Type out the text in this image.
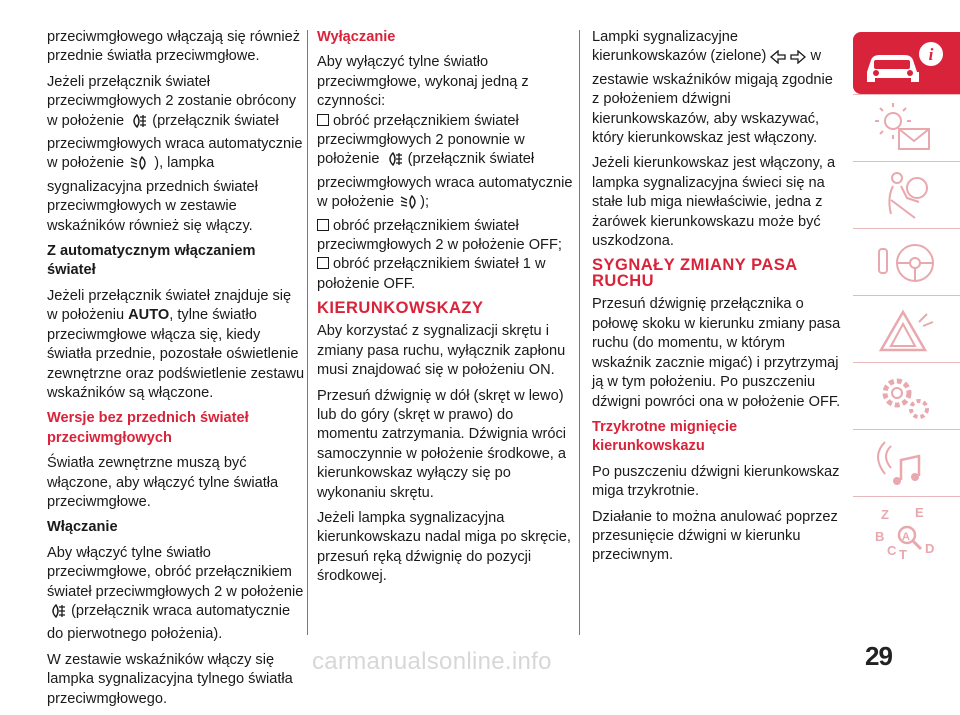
przeciwmgłowego włączają się również przednie światła przeciwmgłowe.

Jeżeli przełącznik świateł przeciwmgłowych 2 zostanie obrócony w położenie (przełącznik świateł przeciwmgłowych wraca automatycznie w położenie ), lampka sygnalizacyjna przednich świateł przeciwmgłowych w zestawie wskaźników również się włączy.

Z automatycznym włączaniem świateł

Jeżeli przełącznik świateł znajduje się w położeniu AUTO, tylne światło przeciwmgłowe włącza się, kiedy światła przednie, pozostałe oświetlenie zewnętrzne oraz podświetlenie zestawu wskaźników są włączone.

Wersje bez przednich świateł przeciwmgłowych

Światła zewnętrzne muszą być włączone, aby włączyć tylne światła przeciwmgłowe.

Włączanie

Aby włączyć tylne światło przeciwmgłowe, obróć przełącznikiem świateł przeciwmgłowych 2 w położenie  (przełącznik wraca automatycznie do pierwotnego położenia).

W zestawie wskaźników włączy się lampka sygnalizacyjna tylnego światła przeciwmgłowego.

Wyłączanie

Aby wyłączyć tylne światło przeciwmgłowe, wykonaj jedną z czynności:

obróć przełącznikiem świateł przeciwmgłowych 2 ponownie w położenie (przełącznik świateł przeciwmgłowych wraca automatycznie w położenie );

obróć przełącznikiem świateł przeciwmgłowych 2 w położenie OFF;

obróć przełącznikiem świateł 1 w położenie OFF.

KIERUNKOWSKAZY

Aby korzystać z sygnalizacji skrętu i zmiany pasa ruchu, wyłącznik zapłonu musi znajdować się w położeniu ON.

Przesuń dźwignię w dół (skręt w lewo) lub do góry (skręt w prawo) do momentu zatrzymania. Dźwignia wróci samoczynnie w położenie środkowe, a kierunkowskaz wyłączy się po wykonaniu skrętu.

Jeżeli lampka sygnalizacyjna kierunkowskazu nadal miga po skręcie, przesuń ręką dźwignię do pozycji środkowej.

Lampki sygnalizacyjne kierunkowskazów (zielone)	w zestawie wskaźników migają zgodnie z położeniem dźwigni kierunkowskazów, aby wskazywać, który kierunkowskaz jest włączony.

Jeżeli kierunkowskaz jest włączony, a lampka sygnalizacyjna świeci się na stałe lub miga niewłaściwie, jedna z żarówek kierunkowskazu może być uszkodzona.

SYGNAŁY ZMIANY PASA RUCHU

Przesuń dźwignię przełącznika o połowę skoku w kierunku zmiany pasa ruchu (do momentu, w którym wskaźnik zacznie migać) i przytrzymaj ją w tym położeniu. Po puszczeniu dźwigni powróci ona w położenie OFF.

Trzykrotne mignięcie kierunkowskazu

Po puszczeniu dźwigni kierunkowskaz miga trzykrotnie.

Działanie to można anulować poprzez przesunięcie dźwigni w kierunku przeciwnym.

i
Z E
B A
C T D
29
carmanualsonline.info
